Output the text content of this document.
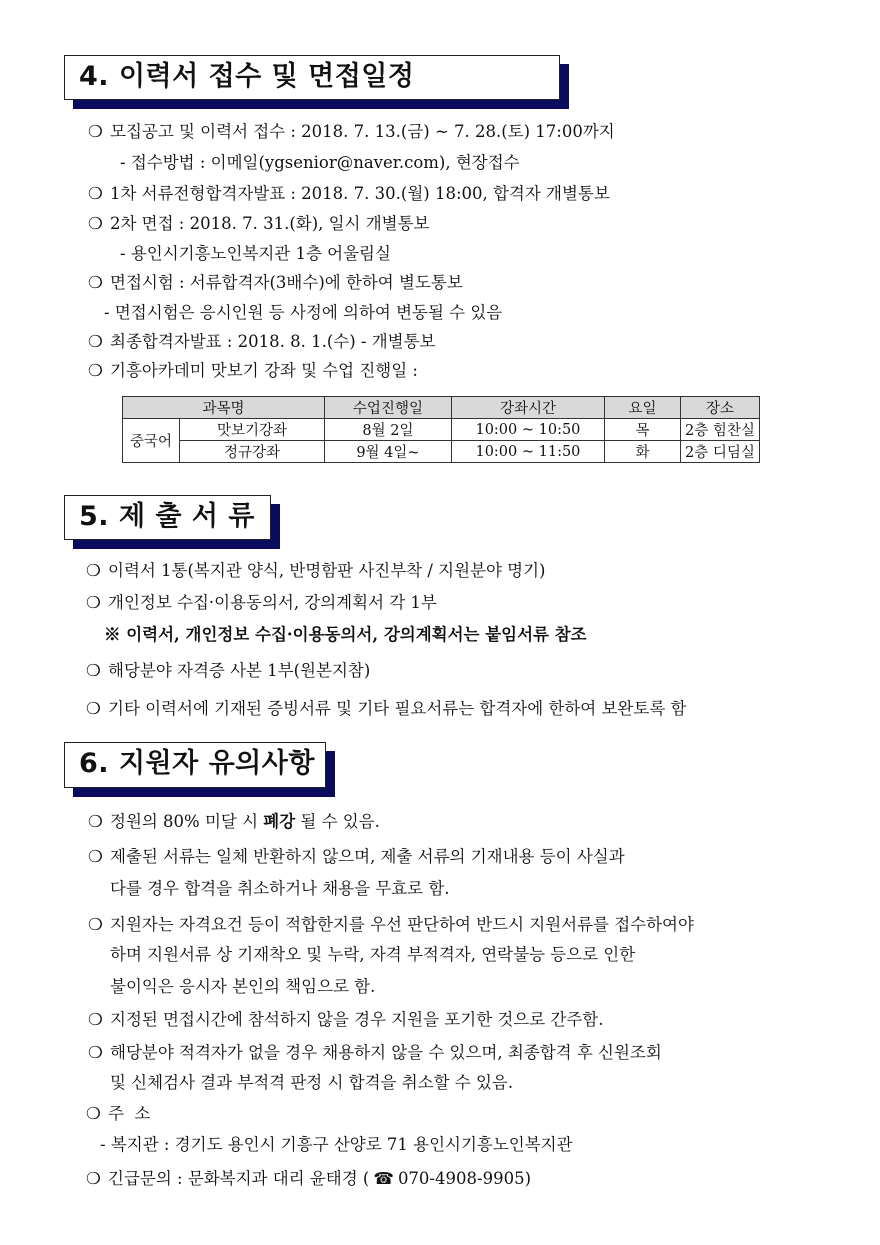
4. 이력서 접수 및 면접일정
❍ 모집공고 및 이력서 접수 : 2018. 7. 13.(금) ~ 7. 28.(토) 17:00까지
- 접수방법 : 이메일(ygsenior@naver.com), 현장접수
❍ 1차 서류전형합격자발표 : 2018. 7. 30.(월) 18:00, 합격자 개별통보
❍ 2차 면접 : 2018. 7. 31.(화), 일시 개별통보
- 용인시기흥노인복지관 1층 어울림실
❍ 면접시험 : 서류합격자(3배수)에 한하여 별도통보
- 면접시험은 응시인원 등 사정에 의하여 변동될 수 있음
❍ 최종합격자발표 : 2018. 8. 1.(수) - 개별통보
❍ 기흥아카데미 맛보기 강좌 및 수업 진행일 :
과목명		수업진행일	강좌시간	요일	장소
중국어	맛보기강좌	8월 2일	10:00 ~ 10:50	목	2층 힘찬실
	정규강좌	9월 4일~	10:00 ~ 11:50	화	2층 디딤실
5. 제 출 서 류
❍ 이력서 1통(복지관 양식, 반명함판 사진부착 / 지원분야 명기)
❍ 개인정보 수집·이용동의서, 강의계획서 각 1부
※ 이력서, 개인정보 수집·이용동의서, 강의계획서는 붙임서류 참조
❍ 해당분야 자격증 사본 1부(원본지참)
❍ 기타 이력서에 기재된 증빙서류 및 기타 필요서류는 합격자에 한하여 보완토록 함
6. 지원자 유의사항
❍ 정원의 80% 미달 시 폐강 될 수 있음.
❍ 제출된 서류는 일체 반환하지 않으며, 제출 서류의 기재내용 등이 사실과
다를 경우 합격을 취소하거나 채용을 무효로 함.
❍ 지원자는 자격요건 등이 적합한지를 우선 판단하여 반드시 지원서류를 접수하여야
하며 지원서류 상 기재착오 및 누락, 자격 부적격자, 연락불능 등으로 인한
불이익은 응시자 본인의 책임으로 함.
❍ 지정된 면접시간에 참석하지 않을 경우 지원을 포기한 것으로 간주함.
❍ 해당분야 적격자가 없을 경우 채용하지 않을 수 있으며, 최종합격 후 신원조회
및 신체검사 결과 부적격 판정 시 합격을 취소할 수 있음.
❍ 주  소
- 복지관 : 경기도 용인시 기흥구 산양로 71 용인시기흥노인복지관
❍ 긴급문의 : 문화복지과 대리 윤태경 ( ☎ 070-4908-9905)
